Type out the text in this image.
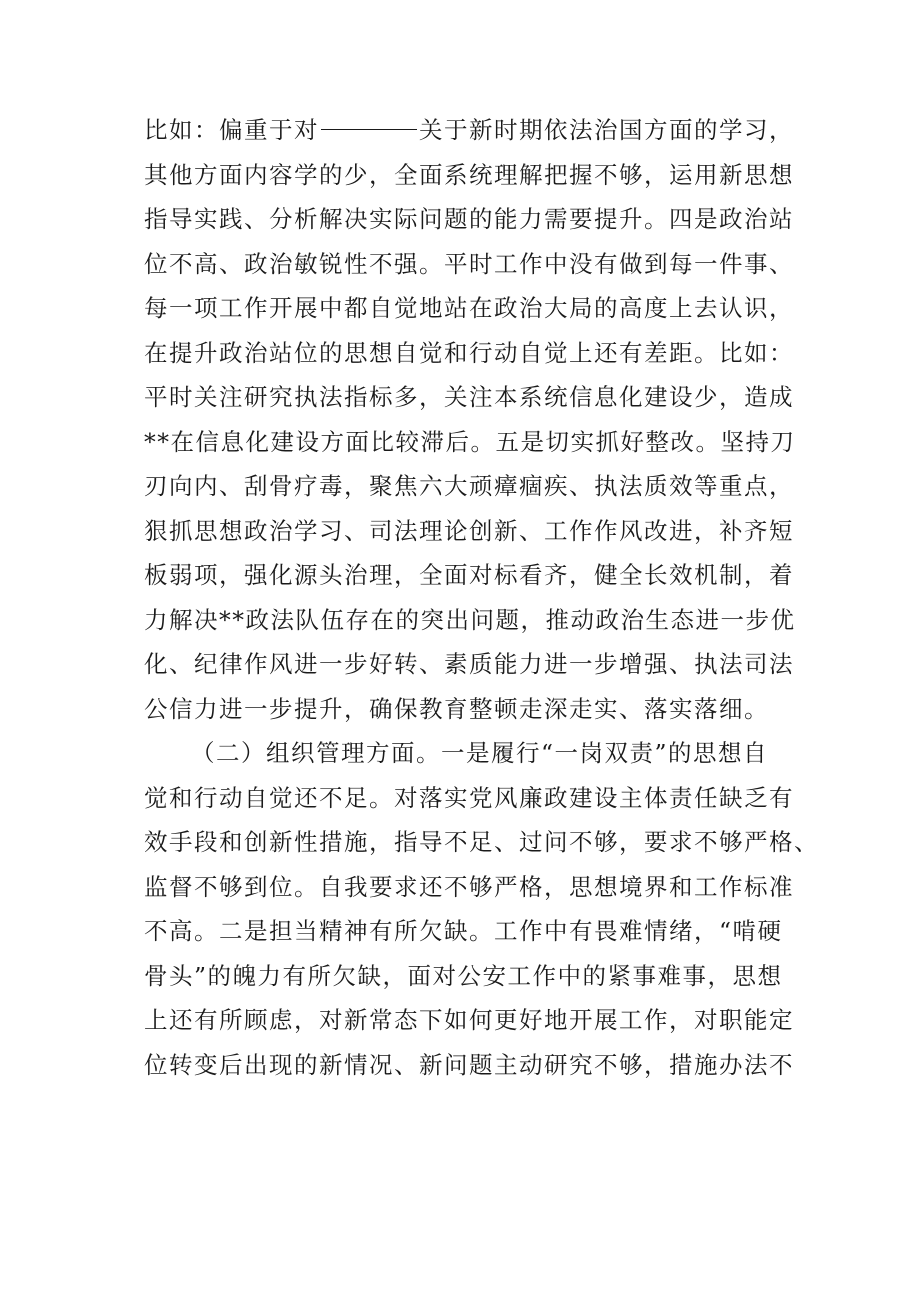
比如：偏重于对	关于新时期依法治国方面的学习，
其他方面内容学的少，全面系统理解把握不够，运用新思想
指导实践、分析解决实际问题的能力需要提升。四是政治站
位不高、政治敏锐性不强。平时工作中没有做到每一件事、
每一项工作开展中都自觉地站在政治大局的高度上去认识，
在提升政治站位的思想自觉和行动自觉上还有差距。比如：
平时关注研究执法指标多，关注本系统信息化建设少，造成
**在信息化建设方面比较滞后。五是切实抓好整改。坚持刀
刃向内、刮骨疗毒，聚焦六大顽瘴痼疾、执法质效等重点，
狠抓思想政治学习、司法理论创新、工作作风改进，补齐短
板弱项，强化源头治理，全面对标看齐，健全长效机制，着
力解决**政法队伍存在的突出问题，推动政治生态进一步优
化、纪律作风进一步好转、素质能力进一步增强、执法司法
公信力进一步提升，确保教育整顿走深走实、落实落细。
（二）组织管理方面。一是履行“一岗双责”的思想自
觉和行动自觉还不足。对落实党风廉政建设主体责任缺乏有
效手段和创新性措施，指导不足、过问不够，要求不够严格、
监督不够到位。自我要求还不够严格，思想境界和工作标准
不高。二是担当精神有所欠缺。工作中有畏难情绪，“啃硬
骨头”的魄力有所欠缺，面对公安工作中的紧事难事，思想
上还有所顾虑，对新常态下如何更好地开展工作，对职能定
位转变后出现的新情况、新问题主动研究不够，措施办法不
